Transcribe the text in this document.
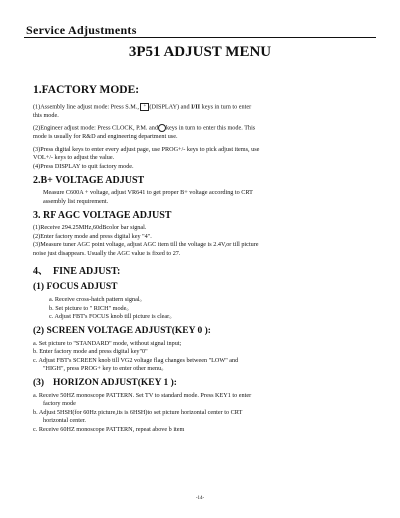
Service Adjustments
3P51 ADJUST MENU
1.FACTORY MODE:

(1)Assembly line adjust mode: Press S.M., + (DISPLAY) and I/II keys in turn to enter

this mode.

(2)Engineer adjust mode: Press CLOCK, P.M. and keys in turn to enter this mode. This

mode is usually for R&D and engineering department use.

(3)Press digital keys to enter every adjust page, use PROG+/- keys to pick adjust items, use

VOL+/- keys to adjust the value.

(4)Press DISPLAY to quit factory mode.

2.B+ VOLTAGE ADJUST

Measure C600A + voltage, adjust VR641 to get proper B+ voltage according to CRT

assembly list requirement.

3. RF AGC VOLTAGE ADJUST

(1)Receive 294.25MHz,60dBcolor bar signal.

(2)Enter factory mode and press digital key "4".

(3)Measure tuner AGC point voltage, adjust AGC item till the voltage is 2.4V,or till picture

noise just disappears. Usually the AGC value is fixed to 27.

4、 FINE ADJUST:
(1) FOCUS ADJUST

a. Receive cross-hatch pattern signal。

b. Set picture to " RICH" mode。

c. Adjust FBT's FOCUS knob till picture is clear。

(2) SCREEN VOLTAGE ADJUST(KEY 0 ):

a. Set picture to "STANDARD" mode, without signal input;

b. Enter factory mode and press digital key"0"

c. Adjust FBT's SCREEN knob till VG2 voltage flag changes between "LOW" and

"HIGH", press PROG+ key to enter other menu。

(3) HORIZON ADJUST(KEY 1 ):

a. Receive 50HZ monoscope PATTERN. Set TV to standard mode. Press KEY1 to enter

factory mode

b. Adjust 5HSH(for 60Hz picture,its is 6HSH)to set picture horizontal center to CRT

horizontal center.

c. Receive 60HZ monoscope PATTERN, repeat above b item

-14-
